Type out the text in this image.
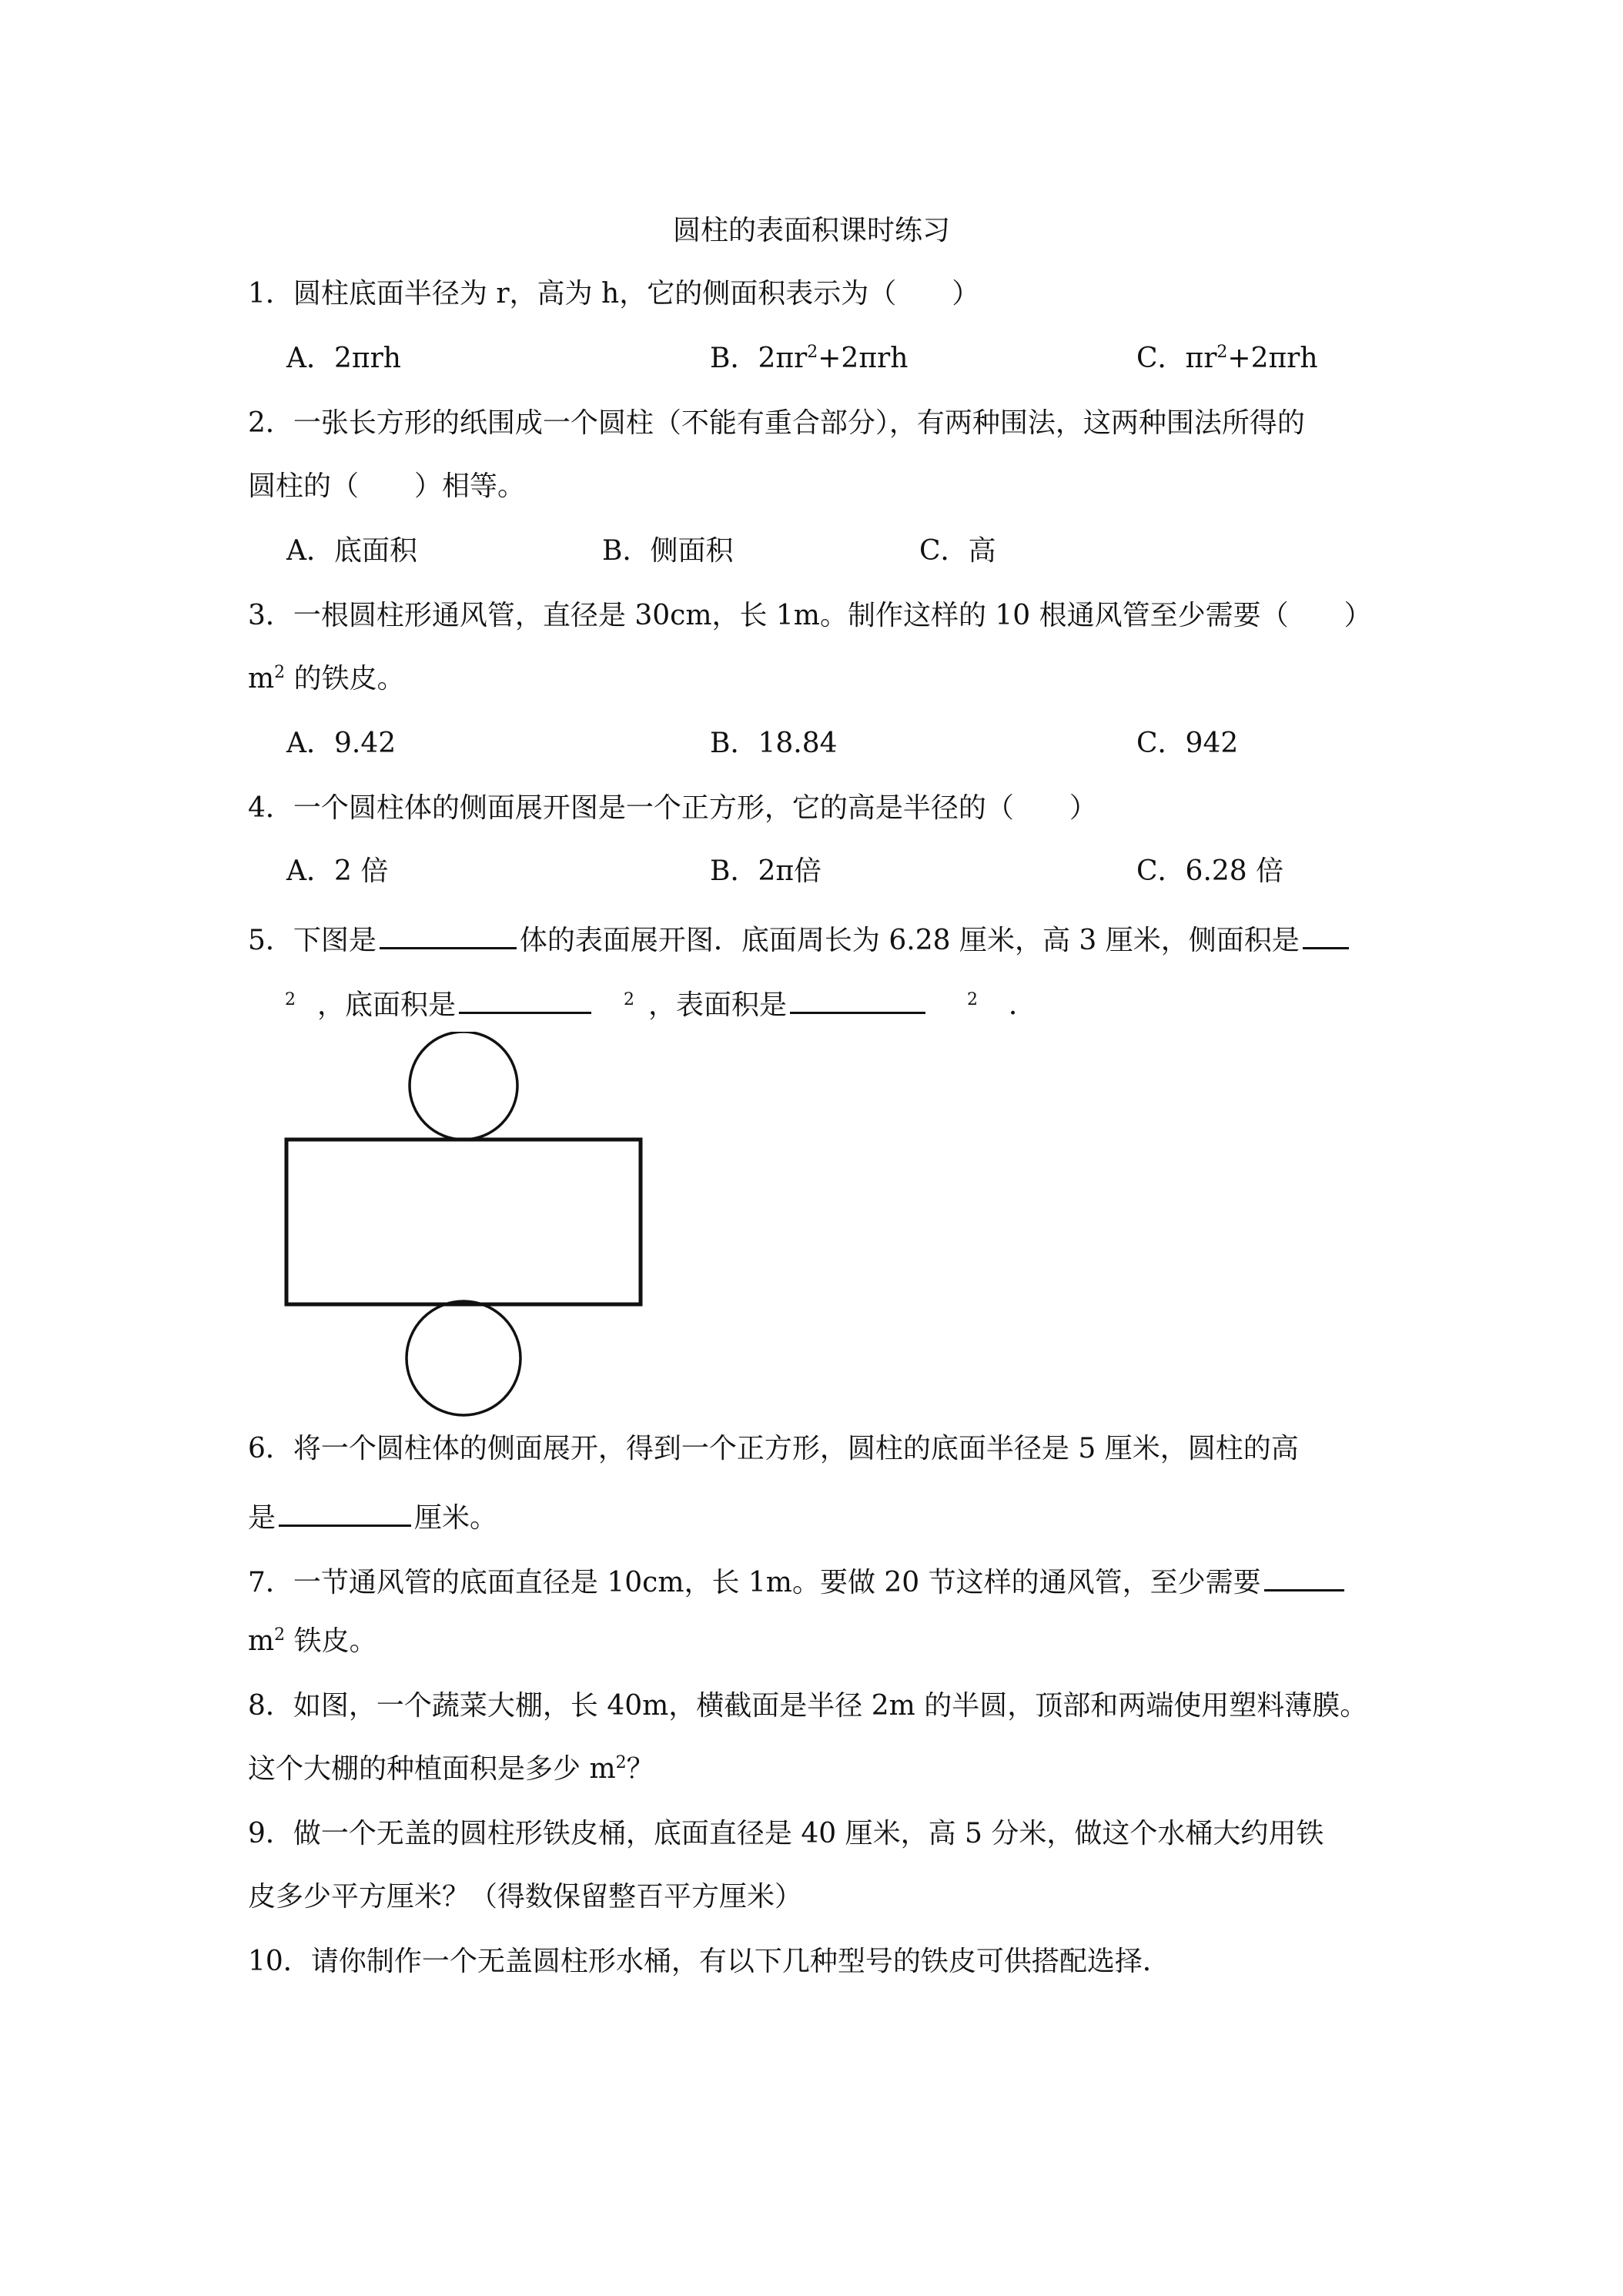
圆柱的表面积课时练习
1．圆柱底面半径为 r，高为 h，它的侧面积表示为（　　）
A．2πrh	B．$2\pi r^2+2\pi rh$	C．$\pi r^2+2\pi rh$
2．一张长方形的纸围成一个圆柱（不能有重合部分），有两种围法，这两种围法所得的
圆柱的（　　）相等。
A．底面积	B．侧面积	C．高
3．一根圆柱形通风管，直径是 30cm，长 1m。制作这样的 10 根通风管至少需要（　　）
$m^2$ 的铁皮。
A．9.42	B．18.84	C．942
4．一个圆柱体的侧面展开图是一个正方形，它的高是半径的（　　）
A．2 倍	B．2π倍	C．6.28 倍
5．下图是	体的表面展开图．底面周长为 6.28 厘米，高 3 厘米，侧面积是
$^2$ ，底面积是	$^2$ ，表面积是	$^2$ ．
6．将一个圆柱体的侧面展开，得到一个正方形，圆柱的底面半径是 5 厘米，圆柱的高
是	厘米。
7．一节通风管的底面直径是 10cm，长 1m。要做 20 节这样的通风管，至少需要
$m^2$ 铁皮。
8．如图，一个蔬菜大棚，长 40m，横截面是半径 2m 的半圆，顶部和两端使用塑料薄膜。
这个大棚的种植面积是多少 $m^2$？
9．做一个无盖的圆柱形铁皮桶，底面直径是 40 厘米，高 5 分米，做这个水桶大约用铁
皮多少平方厘米？（得数保留整百平方厘米）
10．请你制作一个无盖圆柱形水桶，有以下几种型号的铁皮可供搭配选择．
